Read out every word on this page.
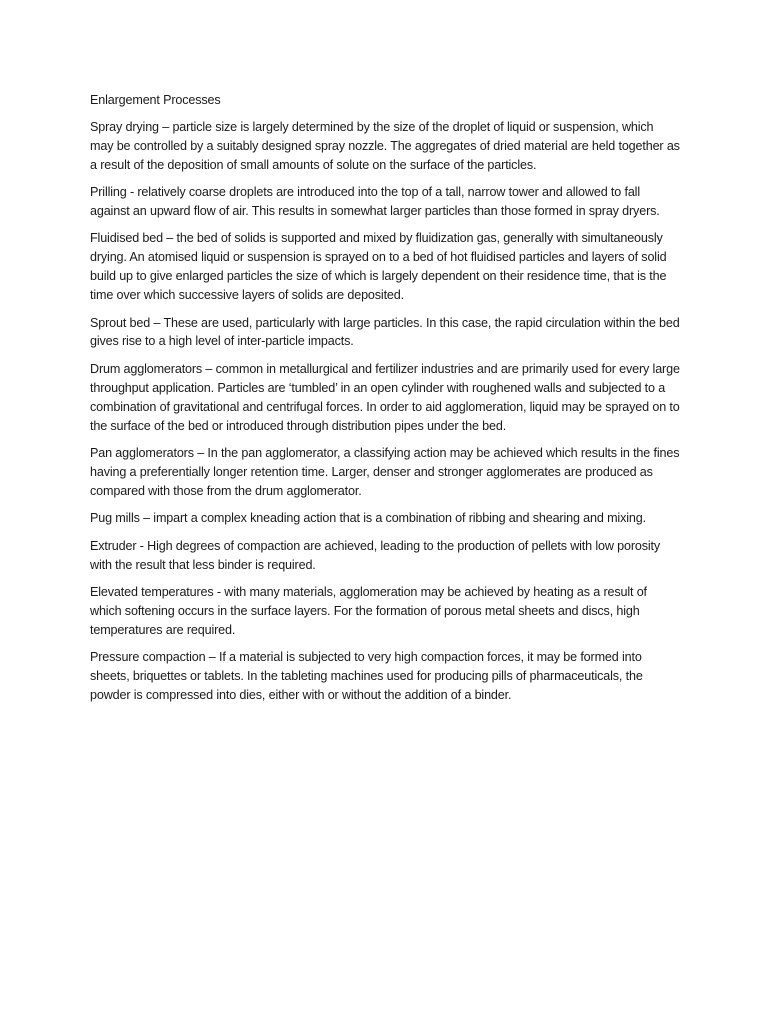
Enlargement Processes

Spray drying – particle size is largely determined by the size of the droplet of liquid or suspension, which may be controlled by a suitably designed spray nozzle. The aggregates of dried material are held together as a result of the deposition of small amounts of solute on the surface of the particles.

Prilling - relatively coarse droplets are introduced into the top of a tall, narrow tower and allowed to fall against an upward flow of air. This results in somewhat larger particles than those formed in spray dryers.

Fluidised bed – the bed of solids is supported and mixed by fluidization gas, generally with simultaneously drying. An atomised liquid or suspension is sprayed on to a bed of hot fluidised particles and layers of solid build up to give enlarged particles the size of which is largely dependent on their residence time, that is the time over which successive layers of solids are deposited.

Sprout bed – These are used, particularly with large particles. In this case, the rapid circulation within the bed gives rise to a high level of inter-particle impacts.

Drum agglomerators – common in metallurgical and fertilizer industries and are primarily used for every large throughput application. Particles are ‘tumbled’ in an open cylinder with roughened walls and subjected to a combination of gravitational and centrifugal forces. In order to aid agglomeration, liquid may be sprayed on to the surface of the bed or introduced through distribution pipes under the bed.

Pan agglomerators – In the pan agglomerator, a classifying action may be achieved which results in the fines having a preferentially longer retention time. Larger, denser and stronger agglomerates are produced as compared with those from the drum agglomerator.

Pug mills – impart a complex kneading action that is a combination of ribbing and shearing and mixing.

Extruder - High degrees of compaction are achieved, leading to the production of pellets with low porosity with the result that less binder is required.

Elevated temperatures - with many materials, agglomeration may be achieved by heating as a result of which softening occurs in the surface layers. For the formation of porous metal sheets and discs, high temperatures are required.

Pressure compaction – If a material is subjected to very high compaction forces, it may be formed into sheets, briquettes or tablets. In the tableting machines used for producing pills of pharmaceuticals, the powder is compressed into dies, either with or without the addition of a binder.
